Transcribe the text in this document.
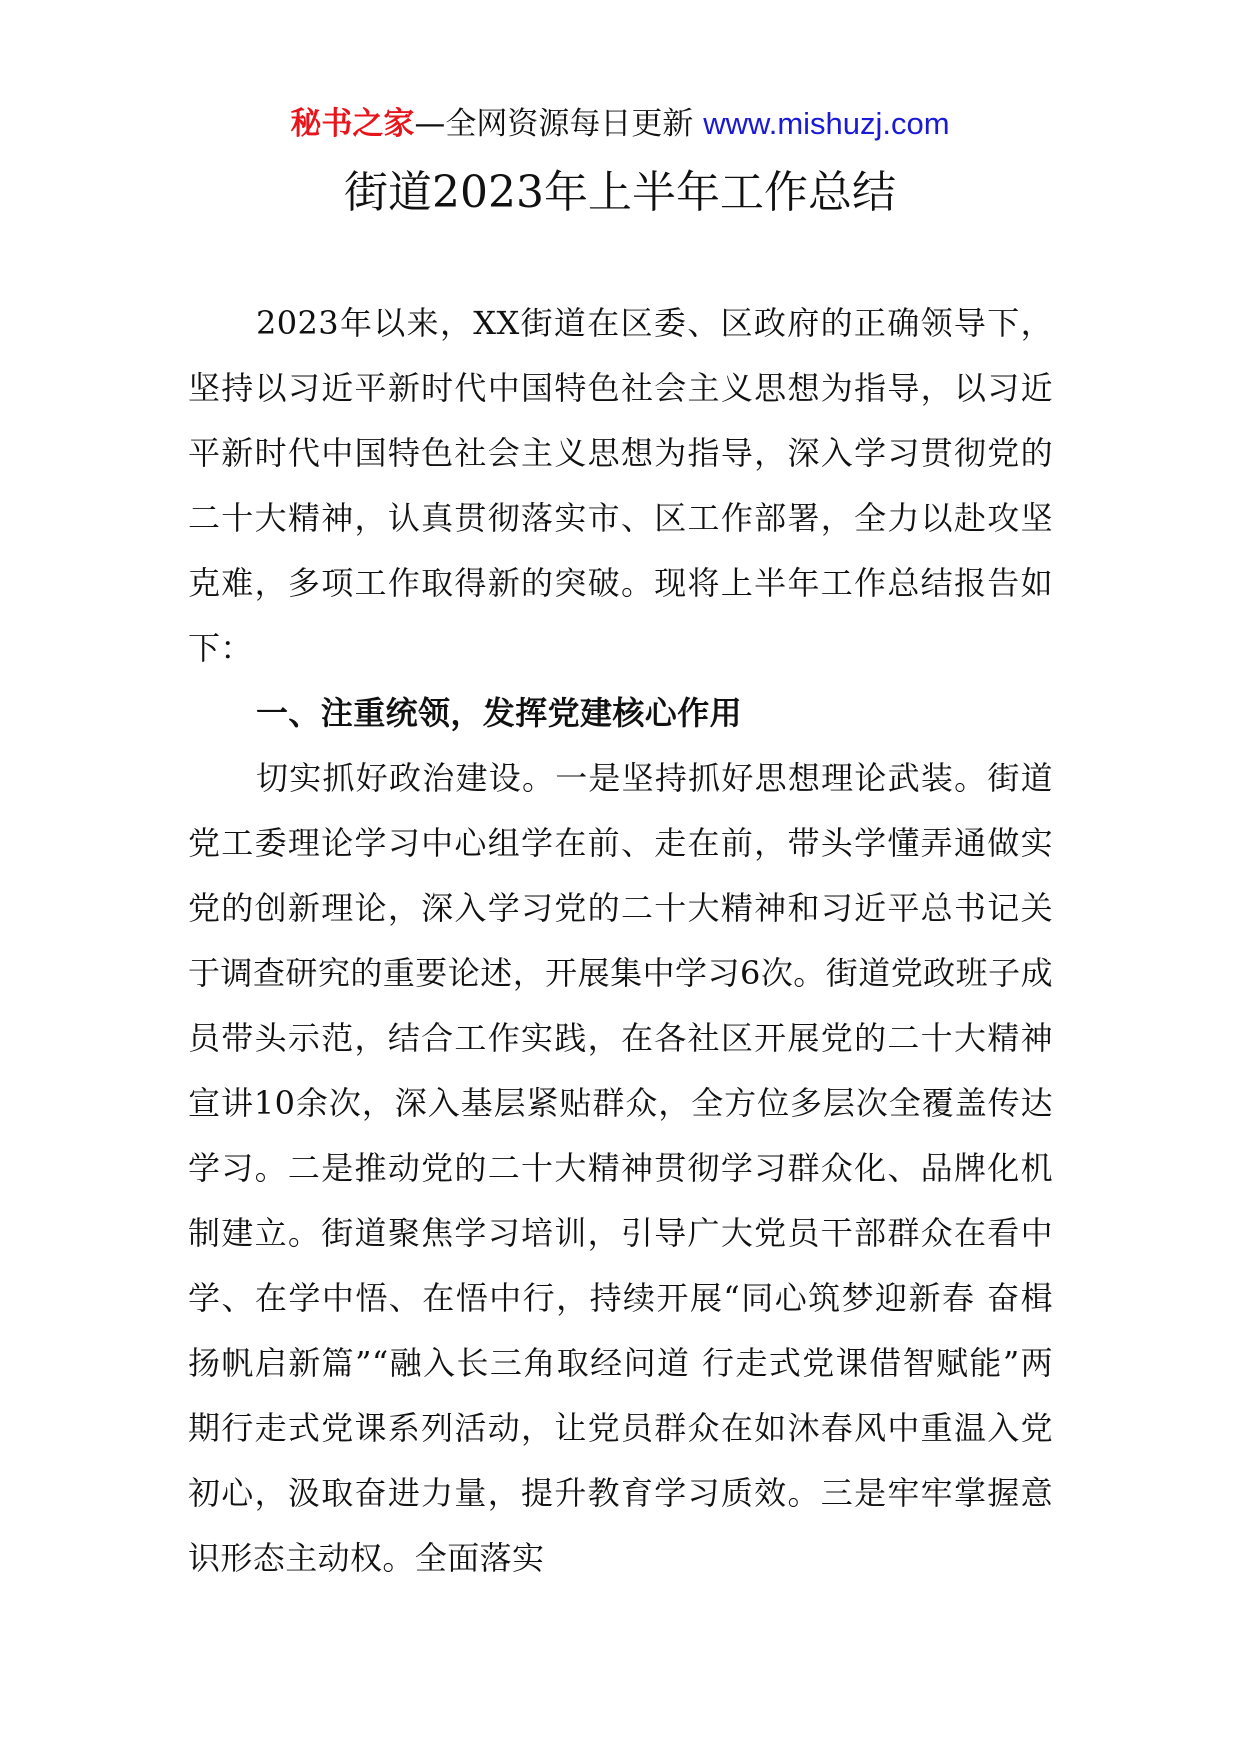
秘书之家—全网资源每日更新 www.mishuzj.com
街道2023年上半年工作总结

2023年以来，XX街道在区委、区政府的正确领导下，坚持以习近平新时代中国特色社会主义思想为指导，以习近平新时代中国特色社会主义思想为指导，深入学习贯彻党的二十大精神，认真贯彻落实市、区工作部署，全力以赴攻坚克难，多项工作取得新的突破。现将上半年工作总结报告如下：

一、注重统领，发挥党建核心作用

切实抓好政治建设。一是坚持抓好思想理论武装。街道党工委理论学习中心组学在前、走在前，带头学懂弄通做实党的创新理论，深入学习党的二十大精神和习近平总书记关于调查研究的重要论述，开展集中学习6次。街道党政班子成员带头示范，结合工作实践，在各社区开展党的二十大精神宣讲10余次，深入基层紧贴群众，全方位多层次全覆盖传达学习。二是推动党的二十大精神贯彻学习群众化、品牌化机制建立。街道聚焦学习培训，引导广大党员干部群众在看中学、在学中悟、在悟中行，持续开展“同心筑梦迎新春 奋楫扬帆启新篇”“融入长三角取经问道 行走式党课借智赋能”两期行走式党课系列活动，让党员群众在如沐春风中重温入党初心，汲取奋进力量，提升教育学习质效。三是牢牢掌握意识形态主动权。全面落实
